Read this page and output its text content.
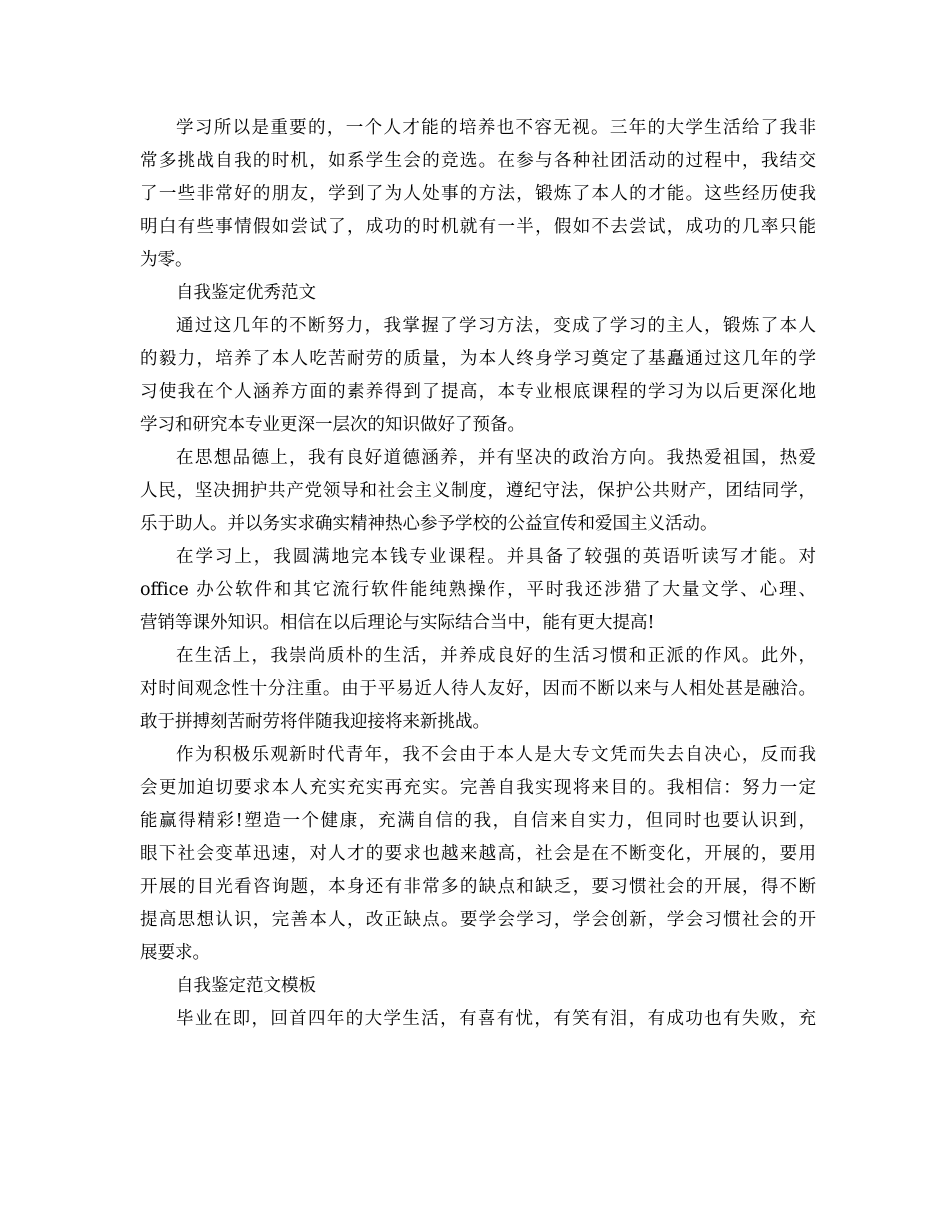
学习所以是重要的，一个人才能的培养也不容无视。三年的大学生活给了我非
常多挑战自我的时机，如系学生会的竞选。在参与各种社团活动的过程中，我结交
了一些非常好的朋友，学到了为人处事的方法，锻炼了本人的才能。这些经历使我
明白有些事情假如尝试了，成功的时机就有一半，假如不去尝试，成功的几率只能
为零。
自我鉴定优秀范文
通过这几年的不断努力，我掌握了学习方法，变成了学习的主人，锻炼了本人
的毅力，培养了本人吃苦耐劳的质量，为本人终身学习奠定了基矗通过这几年的学
习使我在个人涵养方面的素养得到了提高，本专业根底课程的学习为以后更深化地
学习和研究本专业更深一层次的知识做好了预备。
在思想品德上，我有良好道德涵养，并有坚决的政治方向。我热爱祖国，热爱
人民，坚决拥护共产党领导和社会主义制度，遵纪守法，保护公共财产，团结同学，
乐于助人。并以务实求确实精神热心参予学校的公益宣传和爱国主义活动。
在学习上，我圆满地完本钱专业课程。并具备了较强的英语听读写才能。对
office 办公软件和其它流行软件能纯熟操作，平时我还涉猎了大量文学、心理、
营销等课外知识。相信在以后理论与实际结合当中，能有更大提高!
在生活上，我崇尚质朴的生活，并养成良好的生活习惯和正派的作风。此外，
对时间观念性十分注重。由于平易近人待人友好，因而不断以来与人相处甚是融洽。
敢于拼搏刻苦耐劳将伴随我迎接将来新挑战。
作为积极乐观新时代青年，我不会由于本人是大专文凭而失去自决心，反而我
会更加迫切要求本人充实充实再充实。完善自我实现将来目的。我相信：努力一定
能赢得精彩!塑造一个健康，充满自信的我，自信来自实力，但同时也要认识到，
眼下社会变革迅速，对人才的要求也越来越高，社会是在不断变化，开展的，要用
开展的目光看咨询题，本身还有非常多的缺点和缺乏，要习惯社会的开展，得不断
提高思想认识，完善本人，改正缺点。要学会学习，学会创新，学会习惯社会的开
展要求。
自我鉴定范文模板
毕业在即，回首四年的大学生活，有喜有忧，有笑有泪，有成功也有失败，充
